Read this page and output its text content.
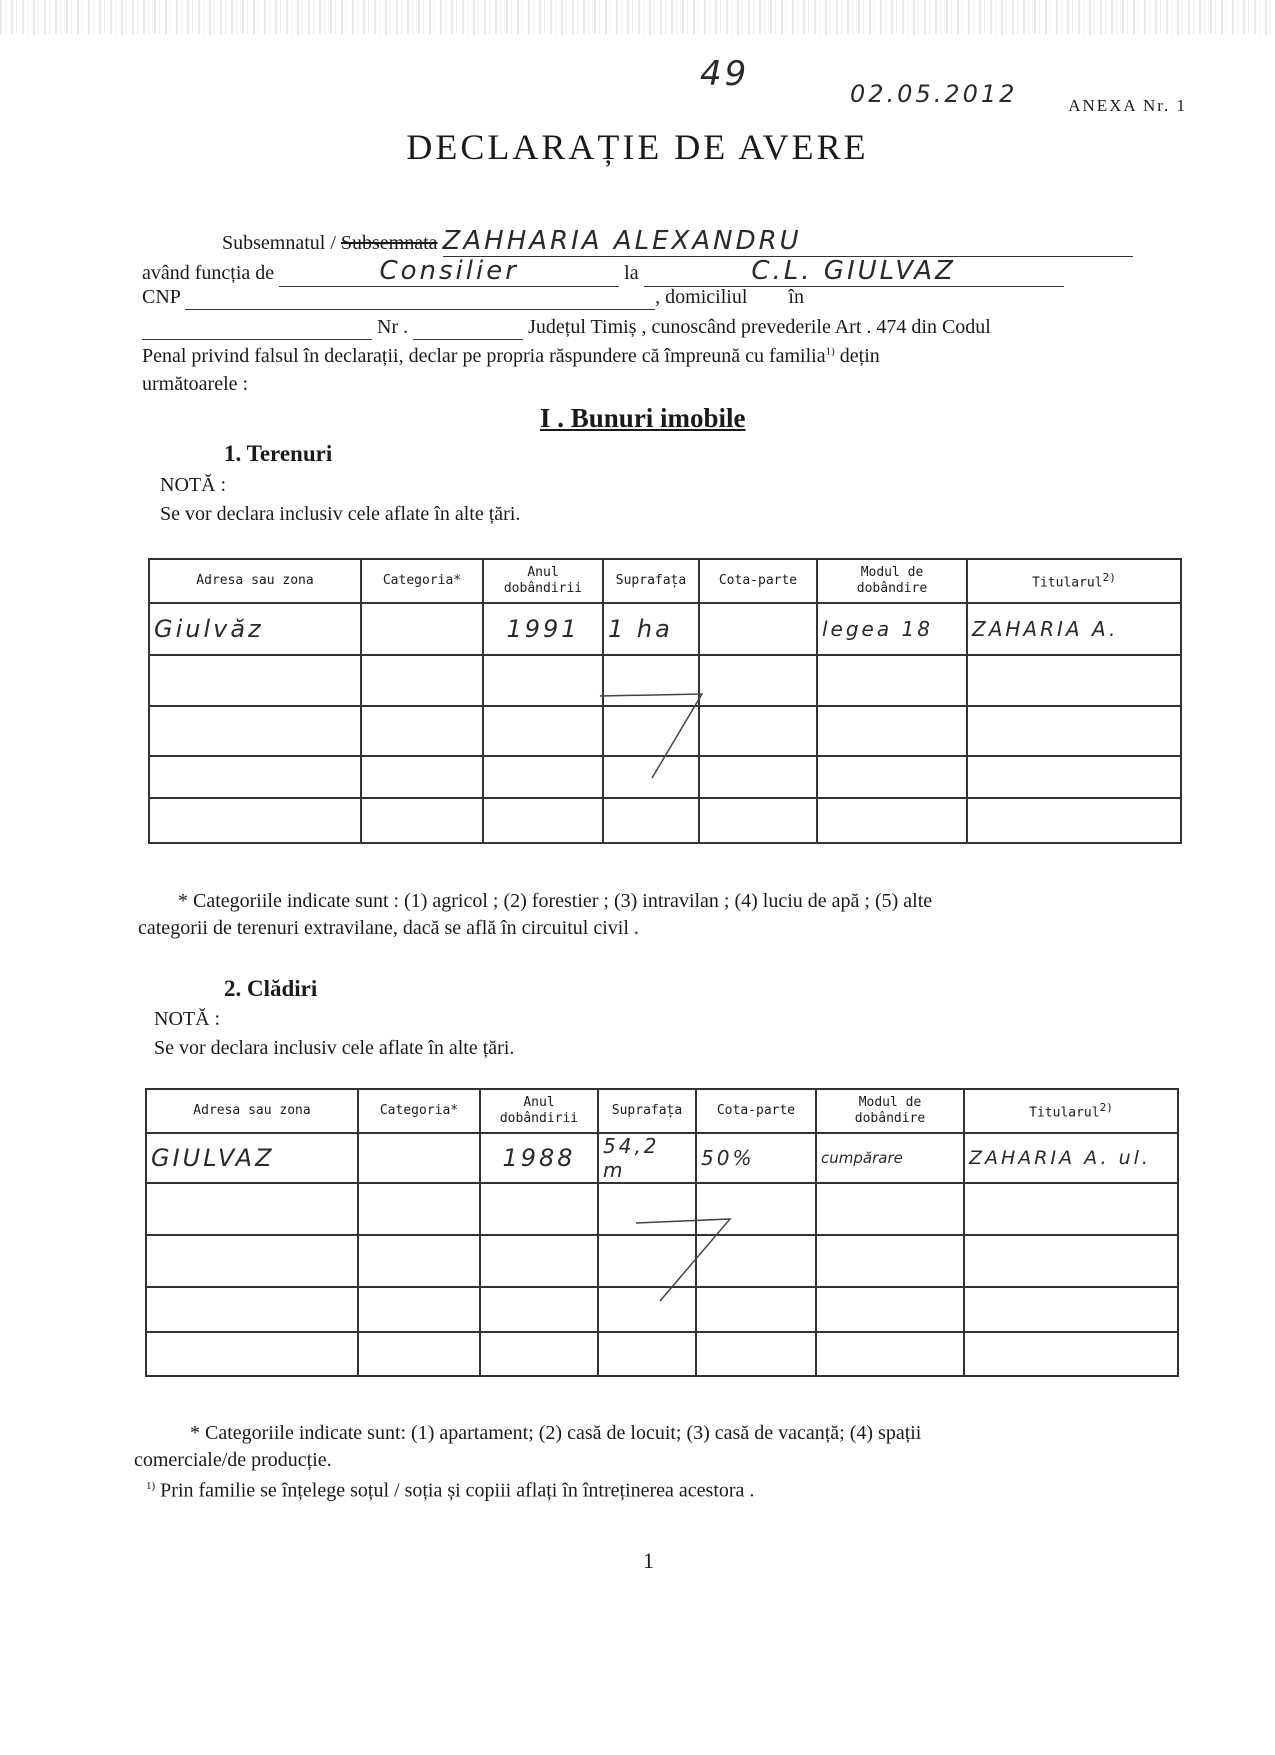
49	02.05.2012	ANEXA Nr. 1
DECLARAȚIE DE AVERE
Subsemnatul / Subsemnata ZAHHARIA ALEXANDRU
având funcția de	Consilier	la	C.L. GIULVAZ
CNP	, domiciliul în
Nr .	Județul Timiș , cunoscând prevederile Art . 474 din Codul
Penal privind falsul în declarații, declar pe propria răspundere că împreună cu familia$^{1)}$ dețin
următoarele :
I . Bunuri imobile
1. Terenuri
NOTĂ :
Se vor declara inclusiv cele aflate în alte țări.
Adresa sau zona	Categoria*	Anul dobândirii	Suprafața	Cota-parte	Modul de dobândire	Titularul$^{2)}$
Giulvăz		1991	1 ha		legea 18	ZAHARIA A.

* Categoriile indicate sunt : (1) agricol ; (2) forestier ; (3) intravilan ; (4) luciu de apă ; (5) alte
categorii de terenuri extravilane, dacă se află în circuitul civil .
2. Clădiri
NOTĂ :
Se vor declara inclusiv cele aflate în alte țări.
Adresa sau zona	Categoria*	Anul dobândirii	Suprafața	Cota-parte	Modul de dobândire	Titularul$^{2)}$
GIULVAZ		1988	54,2 m	50%	cumpărare	ZAHARIA A. ul.

* Categoriile indicate sunt: (1) apartament; (2) casă de locuit; (3) casă de vacanță; (4) spații
comerciale/de producție.
$^{1)}$ Prin familie se înțelege soțul / soția și copiii aflați în întreținerea acestora .
1
